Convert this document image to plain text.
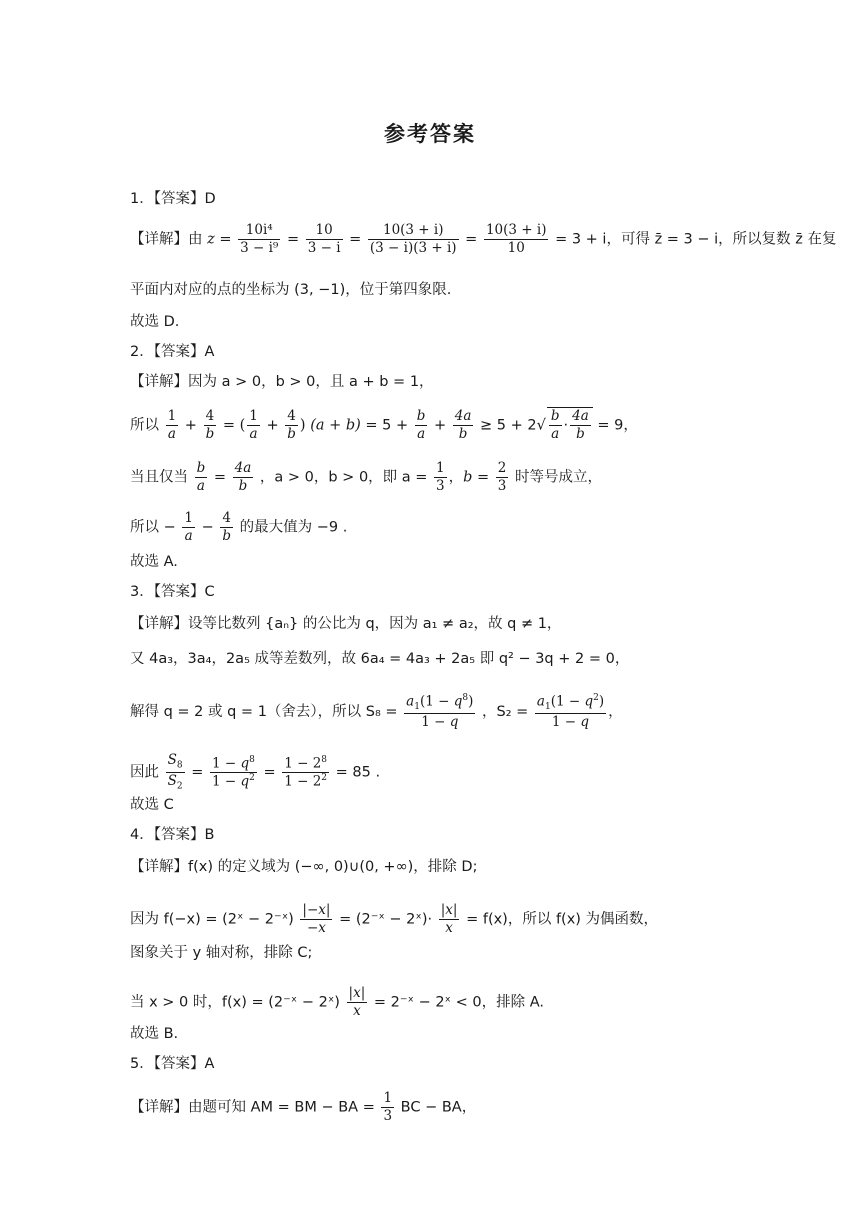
参考答案
1．【答案】D
【详解】由 $z = \frac{\text{10i⁴}}{\text{3 − i⁹}} = \frac{10}{3 - i} = \frac{10(3 + i)}{(3 - i)(3 + i)} = \frac{10(3 + i)}{10} = 3 + i$，可得 z̄ = 3 − i，所以复数 z̄ 在复
平面内对应的点的坐标为 (3, −1)，位于第四象限.
故选 D.
2．【答案】A
【详解】因为 a > 0，b > 0，且 a + b = 1，
所以 $\frac{1}{a} + \frac{4}{b}$ = ( $\frac{1}{a} + \frac{4}{b}$ ) $(a + b) = 5 + \frac{b}{a} + \frac{4a}{b} \ge 5 + 2√ \frac{b}{a} \cdot \frac{4a}{b} = 9$，
当且仅当 $\frac{b}{a} = \frac{4a}{b}$ ，a > 0，b > 0，即 $a = \frac{1}{3}$ ，$b = \frac{2}{3}$ 时等号成立，
所以 − $\frac{1}{a} - \frac{4}{b}$ 的最大值为 −9 .
故选 A.
3．【答案】C
【详解】设等比数列 {aₙ} 的公比为 q，因为 a₁ ≠ a₂，故 q ≠ 1，
又 4a₃，3a₄，2a₅ 成等差数列，故 6a₄ = 4a₃ + 2a₅ 即 q² − 3q + 2 = 0，
解得 q = 2 或 q = 1（舍去），所以 $S_8 = \frac{a_1(1 - q^8)}{1 - q}$ ，$S_2 = \frac{a_1(1 - q^2)}{1 - q}$ ，
因此 $\frac{S_8}{S_2} = \frac{1 - q^8}{1 - q^2} = \frac{1 - 2^8}{1 - 2^2} = 85$ .
故选 C
4．【答案】B
【详解】f(x) 的定义域为 (−∞, 0)∪(0, +∞)，排除 D;
因为 f(−x) = (2ˣ − 2⁻ˣ) $\frac{|-x|}{-x}$ = (2⁻ˣ − 2ˣ)· $\frac{|x|}{x} = f(x)$，所以 f(x) 为偶函数，
图象关于 y 轴对称，排除 C;
当 x > 0 时，f(x) = (2⁻ˣ − 2ˣ) $\frac{|x|}{x}$ = 2⁻ˣ − 2ˣ < 0，排除 A.
故选 B.
5．【答案】A
【详解】由题可知 AM = BM − BA = $\frac{1}{3}$ BC − BA，
